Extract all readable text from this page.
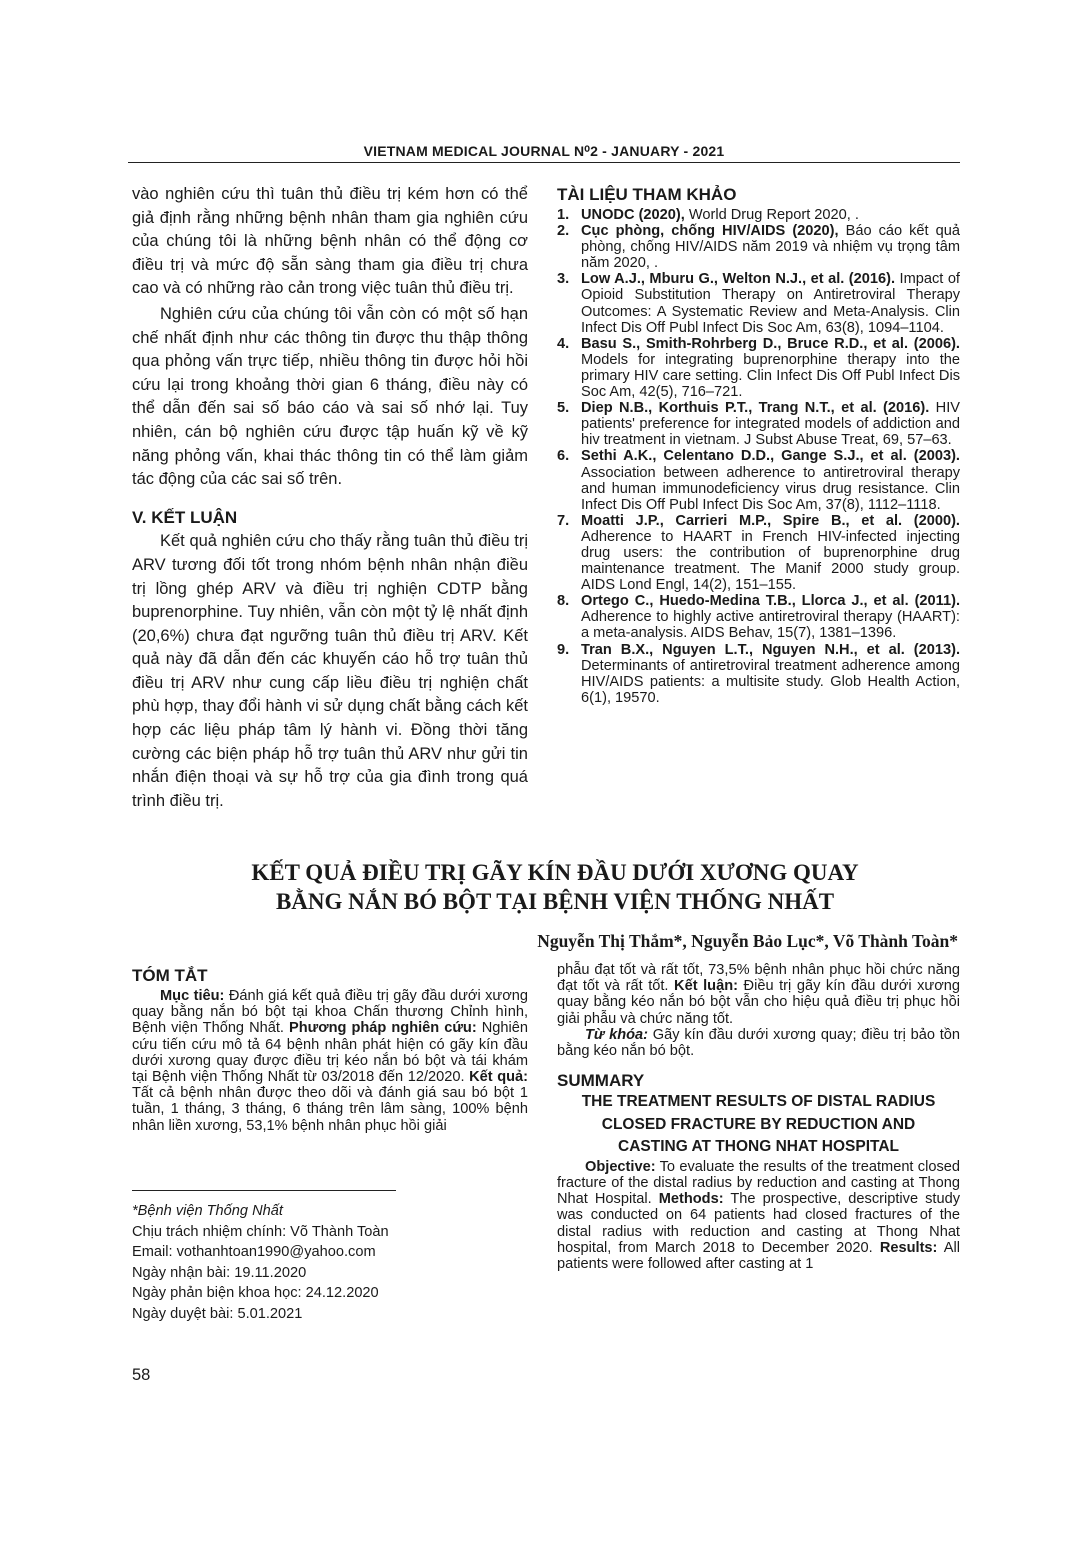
VIETNAM MEDICAL JOURNAL N⁰2 - JANUARY - 2021

vào nghiên cứu thì tuân thủ điều trị kém hơn có thể giả định rằng những bệnh nhân tham gia nghiên cứu của chúng tôi là những bệnh nhân có thể động cơ điều trị và mức độ sẵn sàng tham gia điều trị chưa cao và có những rào cản trong việc tuân thủ điều trị.

Nghiên cứu của chúng tôi vẫn còn có một số hạn chế nhất định như các thông tin được thu thập thông qua phỏng vấn trực tiếp, nhiều thông tin được hỏi hồi cứu lại trong khoảng thời gian 6 tháng, điều này có thể dẫn đến sai số báo cáo và sai số nhớ lại. Tuy nhiên, cán bộ nghiên cứu được tập huấn kỹ về kỹ năng phỏng vấn, khai thác thông tin có thể làm giảm tác động của các sai số trên.

V. KẾT LUẬN

Kết quả nghiên cứu cho thấy rằng tuân thủ điều trị ARV tương đối tốt trong nhóm bệnh nhân nhận điều trị lồng ghép ARV và điều trị nghiện CDTP bằng buprenorphine. Tuy nhiên, vẫn còn một tỷ lệ nhất định (20,6%) chưa đạt ngưỡng tuân thủ điều trị ARV. Kết quả này đã dẫn đến các khuyến cáo hỗ trợ tuân thủ điều trị ARV như cung cấp liều điều trị nghiện chất phù hợp, thay đổi hành vi sử dụng chất bằng cách kết hợp các liệu pháp tâm lý hành vi. Đồng thời tăng cường các biện pháp hỗ trợ tuân thủ ARV như gửi tin nhắn điện thoại và sự hỗ trợ của gia đình trong quá trình điều trị.

TÀI LIỆU THAM KHẢO

1. UNODC (2020), World Drug Report 2020, .

2. Cục phòng, chống HIV/AIDS (2020), Báo cáo kết quả phòng, chống HIV/AIDS năm 2019 và nhiệm vụ trọng tâm năm 2020, .

3. Low A.J., Mburu G., Welton N.J., et al. (2016). Impact of Opioid Substitution Therapy on Antiretroviral Therapy Outcomes: A Systematic Review and Meta-Analysis. Clin Infect Dis Off Publ Infect Dis Soc Am, 63(8), 1094–1104.

4. Basu S., Smith-Rohrberg D., Bruce R.D., et al. (2006). Models for integrating buprenorphine therapy into the primary HIV care setting. Clin Infect Dis Off Publ Infect Dis Soc Am, 42(5), 716–721.

5. Diep N.B., Korthuis P.T., Trang N.T., et al. (2016). HIV patients' preference for integrated models of addiction and hiv treatment in vietnam. J Subst Abuse Treat, 69, 57–63.

6. Sethi A.K., Celentano D.D., Gange S.J., et al. (2003). Association between adherence to antiretroviral therapy and human immunodeficiency virus drug resistance. Clin Infect Dis Off Publ Infect Dis Soc Am, 37(8), 1112–1118.

7. Moatti J.P., Carrieri M.P., Spire B., et al. (2000). Adherence to HAART in French HIV-infected injecting drug users: the contribution of buprenorphine drug maintenance treatment. The Manif 2000 study group. AIDS Lond Engl, 14(2), 151–155.

8. Ortego C., Huedo-Medina T.B., Llorca J., et al. (2011). Adherence to highly active antiretroviral therapy (HAART): a meta-analysis. AIDS Behav, 15(7), 1381–1396.

9. Tran B.X., Nguyen L.T., Nguyen N.H., et al. (2013). Determinants of antiretroviral treatment adherence among HIV/AIDS patients: a multisite study. Glob Health Action, 6(1), 19570.

KẾT QUẢ ĐIỀU TRỊ GÃY KÍN ĐẦU DƯỚI XƯƠNG QUAY
BẰNG NẮN BÓ BỘT TẠI BỆNH VIỆN THỐNG NHẤT
Nguyễn Thị Thắm*, Nguyễn Bảo Lục*, Võ Thành Toàn*

TÓM TẮT

Mục tiêu: Đánh giá kết quả điều trị gãy đầu dưới xương quay bằng nắn bó bột tại khoa Chấn thương Chỉnh hình, Bệnh viện Thống Nhất. Phương pháp nghiên cứu: Nghiên cứu tiến cứu mô tả 64 bệnh nhân phát hiện có gãy kín đầu dưới xương quay được điều trị kéo nắn bó bột và tái khám tại Bệnh viện Thống Nhất từ 03/2018 đến 12/2020. Kết quả: Tất cả bệnh nhân được theo dõi và đánh giá sau bó bột 1 tuần, 1 tháng, 3 tháng, 6 tháng trên lâm sàng, 100% bệnh nhân liền xương, 53,1% bệnh nhân phục hồi giải

*Bệnh viện Thống Nhất
Chịu trách nhiệm chính: Võ Thành Toàn
Email: vothanhtoan1990@yahoo.com
Ngày nhận bài: 19.11.2020
Ngày phản biện khoa học: 24.12.2020
Ngày duyệt bài: 5.01.2021

phẫu đạt tốt và rất tốt, 73,5% bệnh nhân phục hồi chức năng đạt tốt và rất tốt. Kết luận: Điều trị gãy kín đầu dưới xương quay bằng kéo nắn bó bột vẫn cho hiệu quả điều trị phục hồi giải phẫu và chức năng tốt.

Từ khóa: Gãy kín đầu dưới xương quay; điều trị bảo tồn bằng kéo nắn bó bột.

SUMMARY

THE TREATMENT RESULTS OF DISTAL RADIUS

CLOSED FRACTURE BY REDUCTION AND

CASTING AT THONG NHAT HOSPITAL

Objective: To evaluate the results of the treatment closed fracture of the distal radius by reduction and casting at Thong Nhat Hospital. Methods: The prospective, descriptive study was conducted on 64 patients had closed fractures of the distal radius with reduction and casting at Thong Nhat hospital, from March 2018 to December 2020. Results: All patients were followed after casting at 1

58
